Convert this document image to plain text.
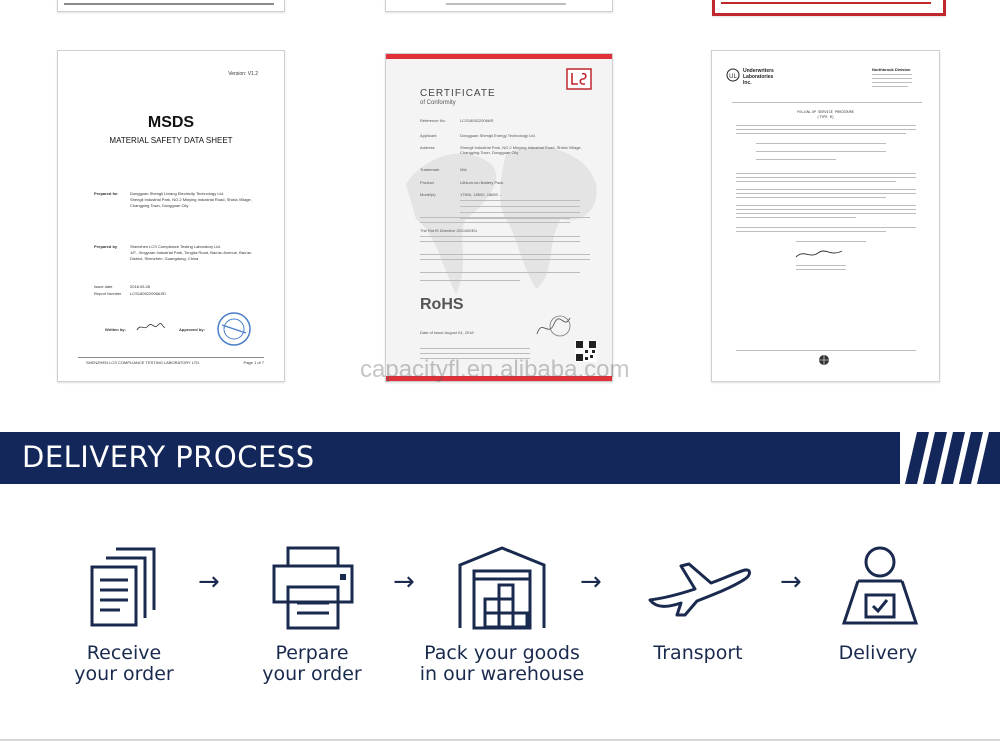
Version: V1.2
MSDS
MATERIAL SAFETY DATA SHEET
Prepared for	Dongguan Shengli Lixiang Electricity Technology Ltd.
Shengli Industrial Park, NO.2 Minying Industrial Road, Shixia Village, Changping Town, Dongguan City
Prepared by	Shenzhen LCS Compliance Testing Laboratory Ltd.
1/F., Xingyuan Industrial Park, Tongda Road, Bao'an Avenue, Bao'an District, Shenzhen, Guangdong, China
Issue date	2018.05.28
Report Number LCS180522006ASD
Written by:	Approved by:
SHENZHEN LCS COMPLIANCE TESTING LABORATORY LTD.	Page 1 of 7
CERTIFICATE
of Conformity
Reference No.	LCS180522006AR
Applicant	Dongguan Shengli Energy Technology Ltd.
Address	Shengli Industrial Park, NO.2 Minying Industrial Road, Shixia Village, Changping Town, Dongguan City
Trademark	N/A
Product	Lithium-ion Battery Pack
Model(s)	17500, 18500, 18650 ...
The RoHS Directive 2011/65/EU
RoHS
Date of Issue August 04, 2018
UL
Underwriters Laboratories Inc.
Northbrook Division
FOLLOW-UP SERVICE PROCEDURE
(TYPE R)
capacityfl.en.alibaba.com
DELIVERY PROCESS
→	→	→	→
Receive
your order
Perpare
your order
Pack your goods
in our warehouse
Transport	Delivery
